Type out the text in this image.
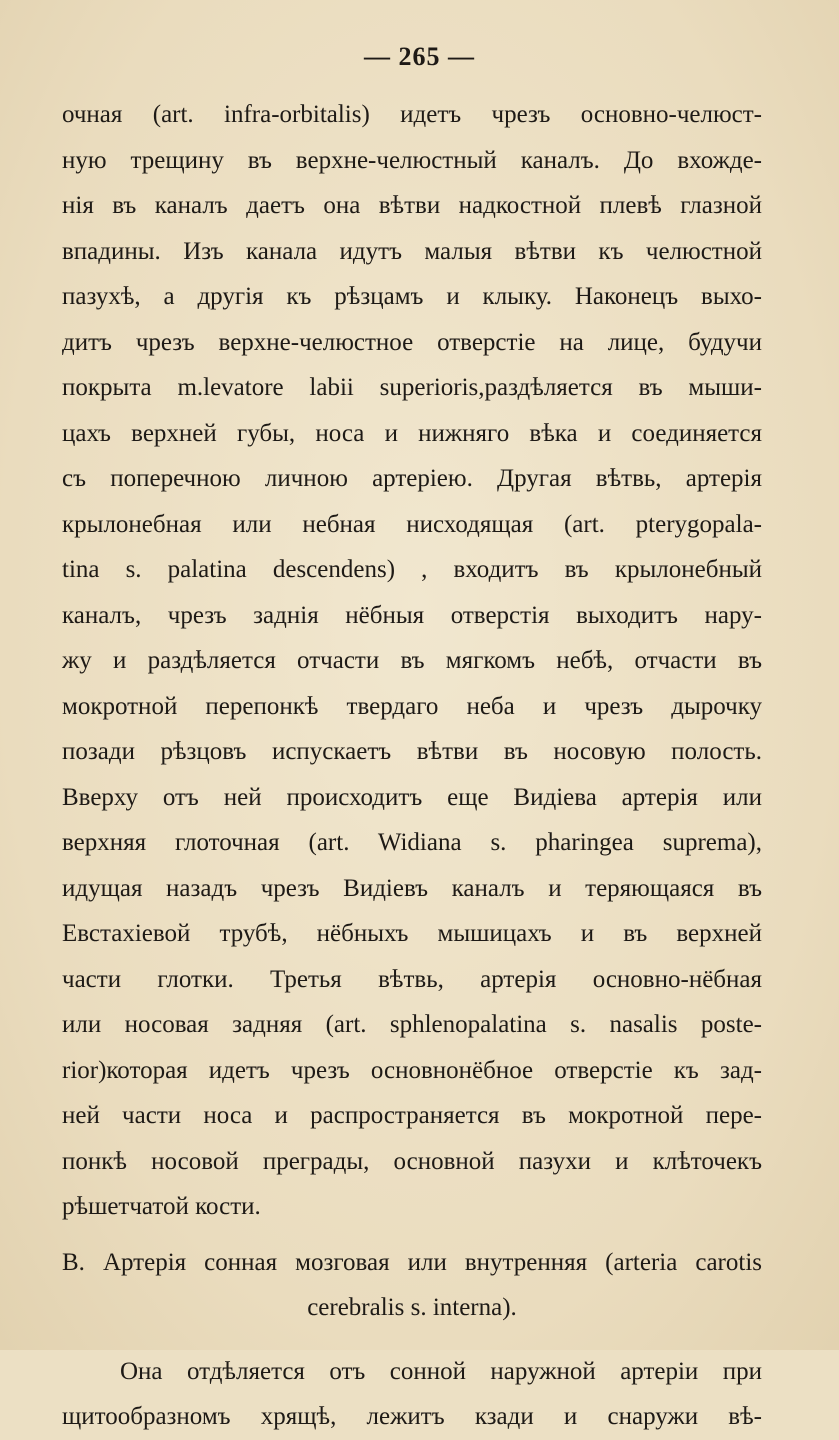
— 265 —
очная (art. infra-orbitalis) идетъ чрезъ основно-челюст-
ную трещину въ верхне-челюстный каналъ. До вхожде-
нія въ каналъ даетъ она вѣтви надкостной плевѣ глазной
впадины. Изъ канала идутъ малыя вѣтви къ челюстной
пазухѣ, а другія къ рѣзцамъ и клыку. Наконецъ выхо-
дитъ чрезъ верхне-челюстное отверстіе на лице, будучи
покрыта m.levatore labii superioris,раздѣляется въ мыши-
цахъ верхней губы, носа и нижняго вѣка и соединяется
съ поперечною личною артеріею. Другая вѣтвь, артерія
крылонебная или небная нисходящая (art. pterygopala-
tina s. palatina descendens) , входитъ въ крылонебный
каналъ, чрезъ заднія нёбныя отверстія выходитъ нару-
жу и раздѣляется отчасти въ мягкомъ небѣ, отчасти въ
мокротной перепонкѣ твердаго неба и чрезъ дырочку
позади рѣзцовъ испускаетъ вѣтви въ носовую полость.
Вверху отъ ней происходитъ еще Видіева артерія или
верхняя глоточная (art. Widiana s. pharingea suprema),
идущая назадъ чрезъ Видіевъ каналъ и теряющаяся въ
Евстахіевой трубѣ, нёбныхъ мышицахъ и въ верхней
части глотки. Третья вѣтвь, артерія основно-нёбная
или носовая задняя (art. sphlenopalatina s. nasalis poste-
rior)которая идетъ чрезъ основнонёбное отверстіе къ зад-
ней части носа и распространяется въ мокротной пере-
понкѣ носовой преграды, основной пазухи и клѣточекъ
рѣшетчатой кости.
В. Артерія сонная мозговая или внутренняя (arteria carotis
cerebralis s. interna).
Она отдѣляется отъ сонной наружной артеріи при
щитообразномъ хрящѣ, лежитъ кзади и снаружи вѣ-
